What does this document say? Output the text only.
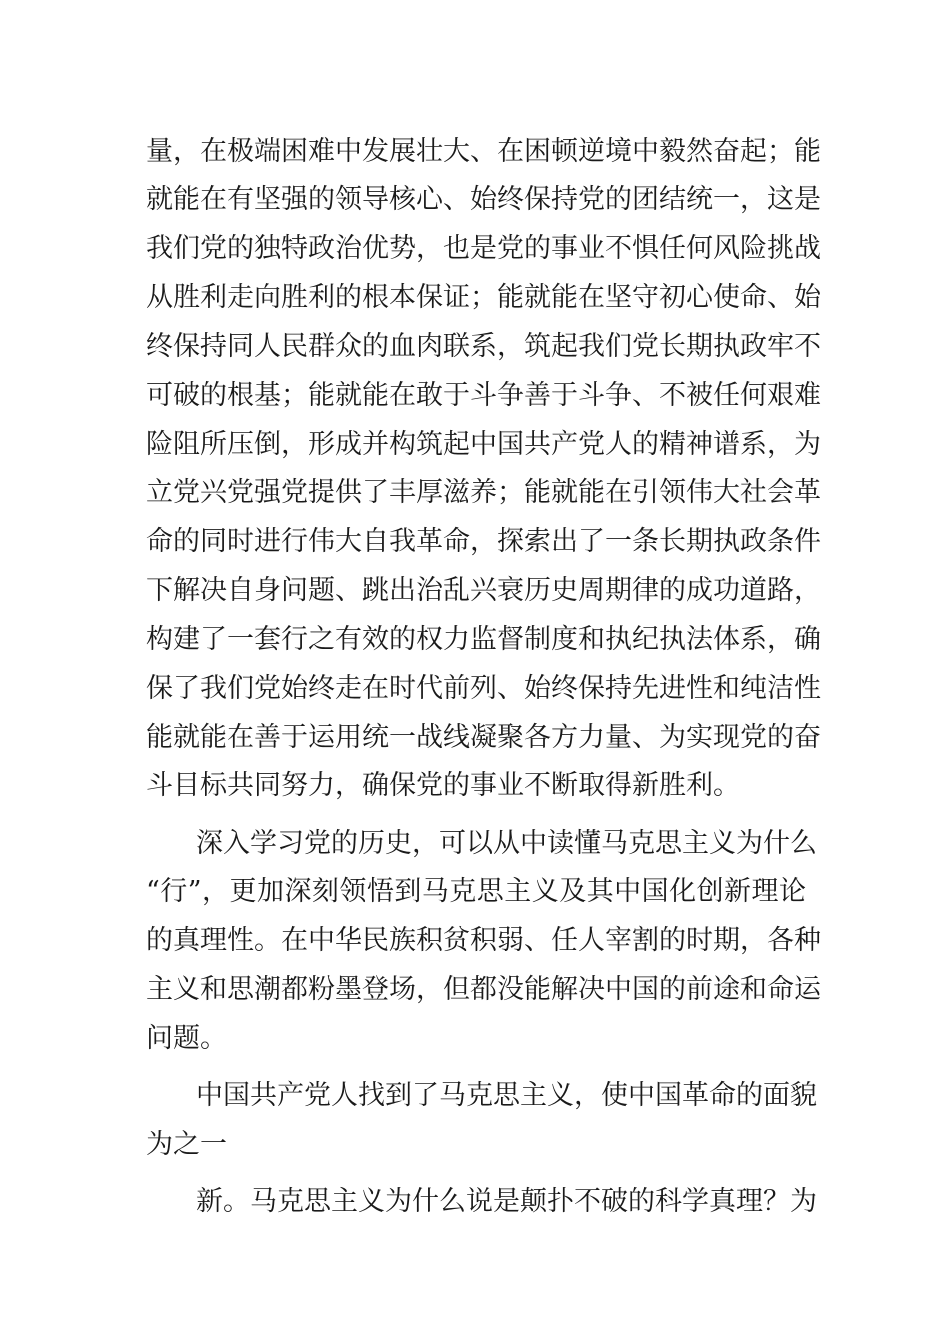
量，在极端困难中发展壮大、在困顿逆境中毅然奋起；能
就能在有坚强的领导核心、始终保持党的团结统一，这是
我们党的独特政治优势，也是党的事业不惧任何风险挑战
从胜利走向胜利的根本保证；能就能在坚守初心使命、始
终保持同人民群众的血肉联系，筑起我们党长期执政牢不
可破的根基；能就能在敢于斗争善于斗争、不被任何艰难
险阻所压倒，形成并构筑起中国共产党人的精神谱系，为
立党兴党强党提供了丰厚滋养；能就能在引领伟大社会革
命的同时进行伟大自我革命，探索出了一条长期执政条件
下解决自身问题、跳出治乱兴衰历史周期律的成功道路，
构建了一套行之有效的权力监督制度和执纪执法体系，确
保了我们党始终走在时代前列、始终保持先进性和纯洁性
能就能在善于运用统一战线凝聚各方力量、为实现党的奋
斗目标共同努力，确保党的事业不断取得新胜利。
深入学习党的历史，可以从中读懂马克思主义为什么
“行”，更加深刻领悟到马克思主义及其中国化创新理论
的真理性。在中华民族积贫积弱、任人宰割的时期，各种
主义和思潮都粉墨登场，但都没能解决中国的前途和命运
问题。
中国共产党人找到了马克思主义，使中国革命的面貌
为之一
新。马克思主义为什么说是颠扑不破的科学真理？为
